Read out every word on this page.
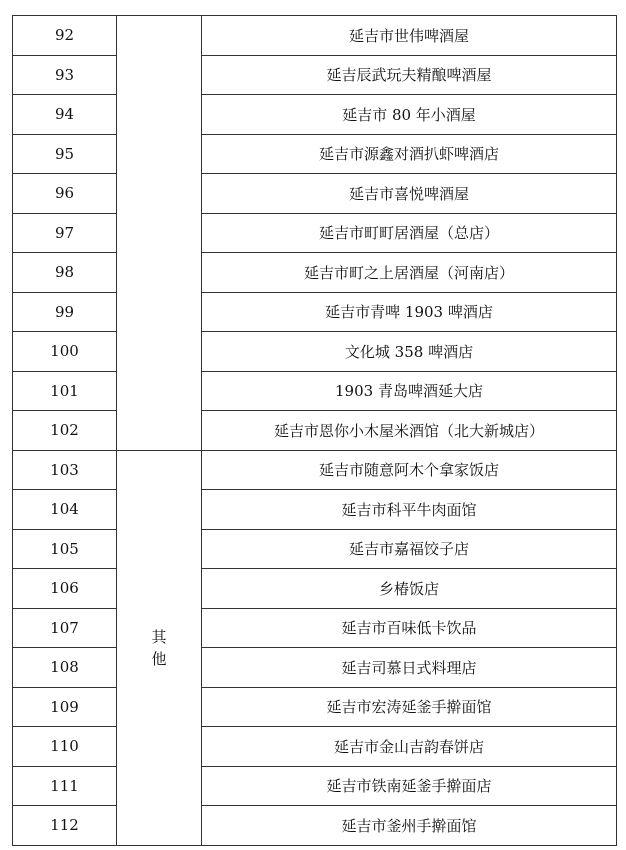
92		延吉市世伟啤酒屋
93		延吉辰武玩夫精酿啤酒屋
94		延吉市 80 年小酒屋
95		延吉市源鑫对酒扒虾啤酒店
96		延吉市喜悦啤酒屋
97		延吉市町町居酒屋（总店）
98		延吉市町之上居酒屋（河南店）
99		延吉市青啤 1903 啤酒店
100		文化城 358 啤酒店
101		1903 青岛啤酒延大店
102		延吉市恩你小木屋米酒馆（北大新城店）
103	其他	延吉市随意阿木个拿家饭店
104		延吉市科平牛肉面馆
105		延吉市嘉福饺子店
106		乡椿饭店
107		延吉市百味低卡饮品
108		延吉司慕日式料理店
109		延吉市宏涛延釜手擀面馆
110		延吉市金山吉韵春饼店
111		延吉市铁南延釜手擀面店
112		延吉市釜州手擀面馆
